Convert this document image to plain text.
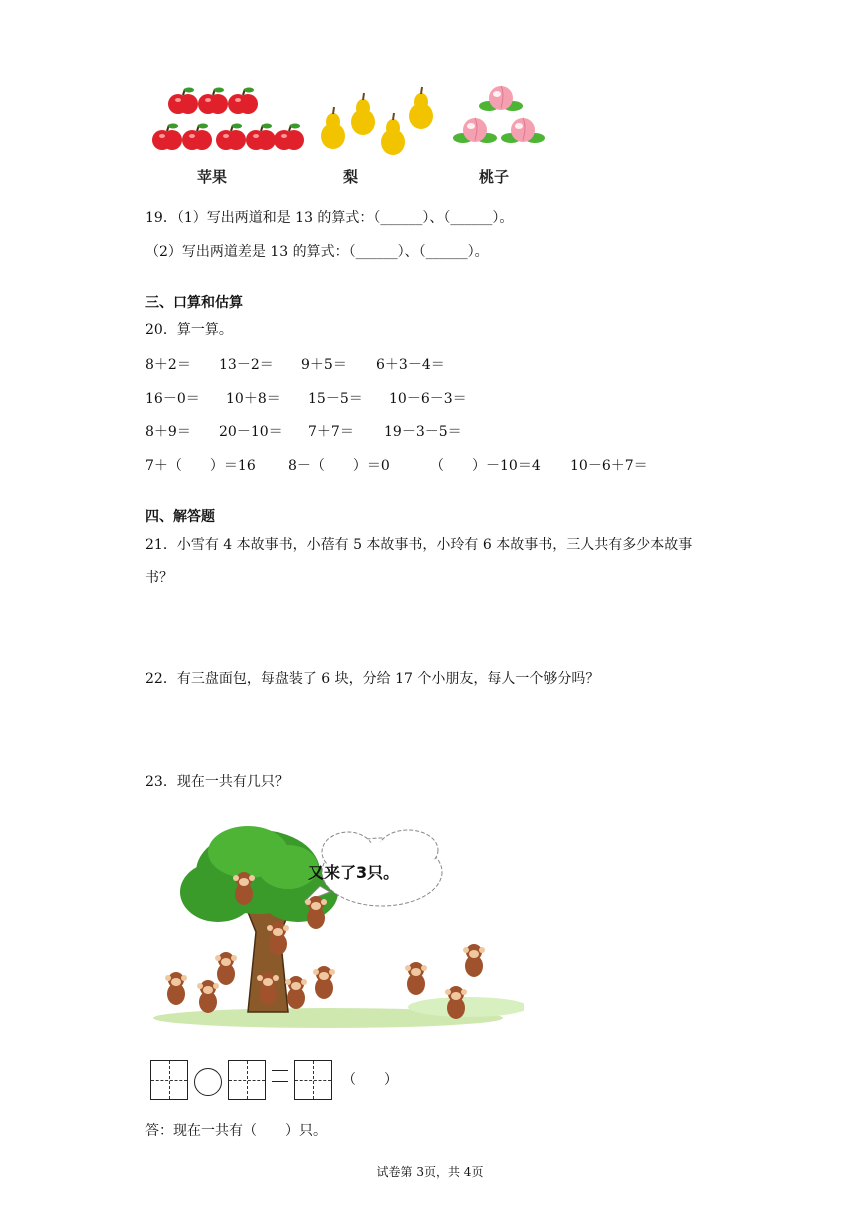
苹果	梨	桃子
19．（1）写出两道和是 13 的算式：（______）、（______）。
（2）写出两道差是 13 的算式：（______）、（______）。
三、口算和估算
20．算一算。
8＋2＝ 13－2＝ 9＋5＝ 6＋3－4＝
16－0＝ 10＋8＝ 15－5＝ 10－6－3＝
8＋9＝ 20－10＝ 7＋7＝ 19－3－5＝
7＋（　　）＝16 8－（　　）＝0	（　　）－10＝4 10－6＋7＝
四、解答题
21．小雪有 4 本故事书，小蓓有 5 本故事书，小玲有 6 本故事书，三人共有多少本故事
书？
22．有三盘面包，每盘装了 6 块，分给 17 个小朋友，每人一个够分吗？
23．现在一共有几只？
又来了3只。
（　　）
答：现在一共有（　　）只。
试卷第 3页，共 4页
